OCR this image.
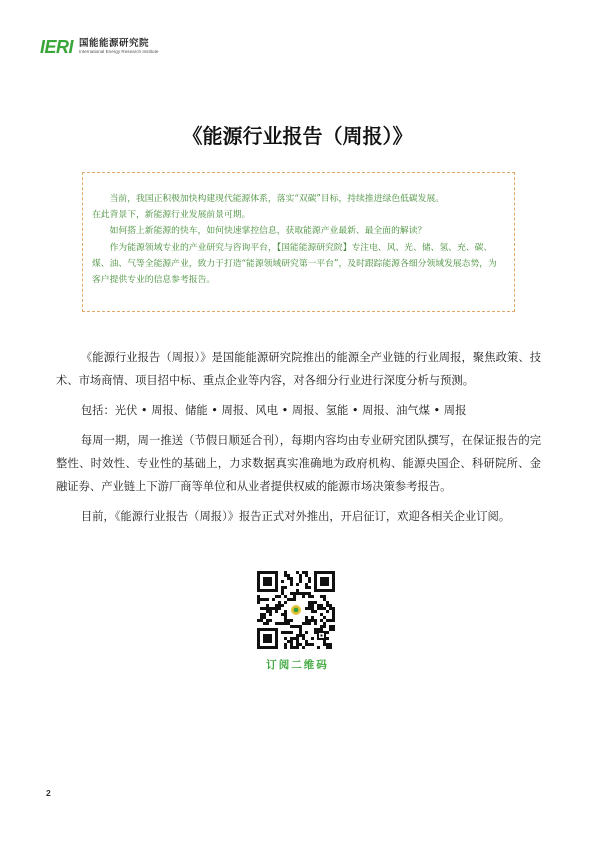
IERI 国能能源研究院
International Energy Research Institute
《能源行业报告（周报）》

当前，我国正积极加快构建现代能源体系，落实“双碳”目标，持续推进绿色低碳发展。

在此背景下，新能源行业发展前景可期。

如何搭上新能源的快车，如何快速掌控信息，获取能源产业最新、最全面的解读？

作为能源领域专业的产业研究与咨询平台，【国能能源研究院】专注电、风、光、储、氢、充、碳、煤、油、气等全能源产业，致力于打造“能源领域研究第一平台”，及时跟踪能源各细分领域发展态势，为客户提供专业的信息参考报告。

《能源行业报告（周报）》是国能能源研究院推出的能源全产业链的行业周报，聚焦政策、技术、市场商情、项目招中标、重点企业等内容，对各细分行业进行深度分析与预测。

包括：光伏 • 周报、储能 • 周报、风电 • 周报、氢能 • 周报、油气煤 • 周报

每周一期，周一推送（节假日顺延合刊），每期内容均由专业研究团队撰写，在保证报告的完整性、时效性、专业性的基础上，力求数据真实准确地为政府机构、能源央国企、科研院所、金融证券、产业链上下游厂商等单位和从业者提供权威的能源市场决策参考报告。

目前，《能源行业报告（周报）》报告正式对外推出，开启征订，欢迎各相关企业订阅。

订阅二维码
2
